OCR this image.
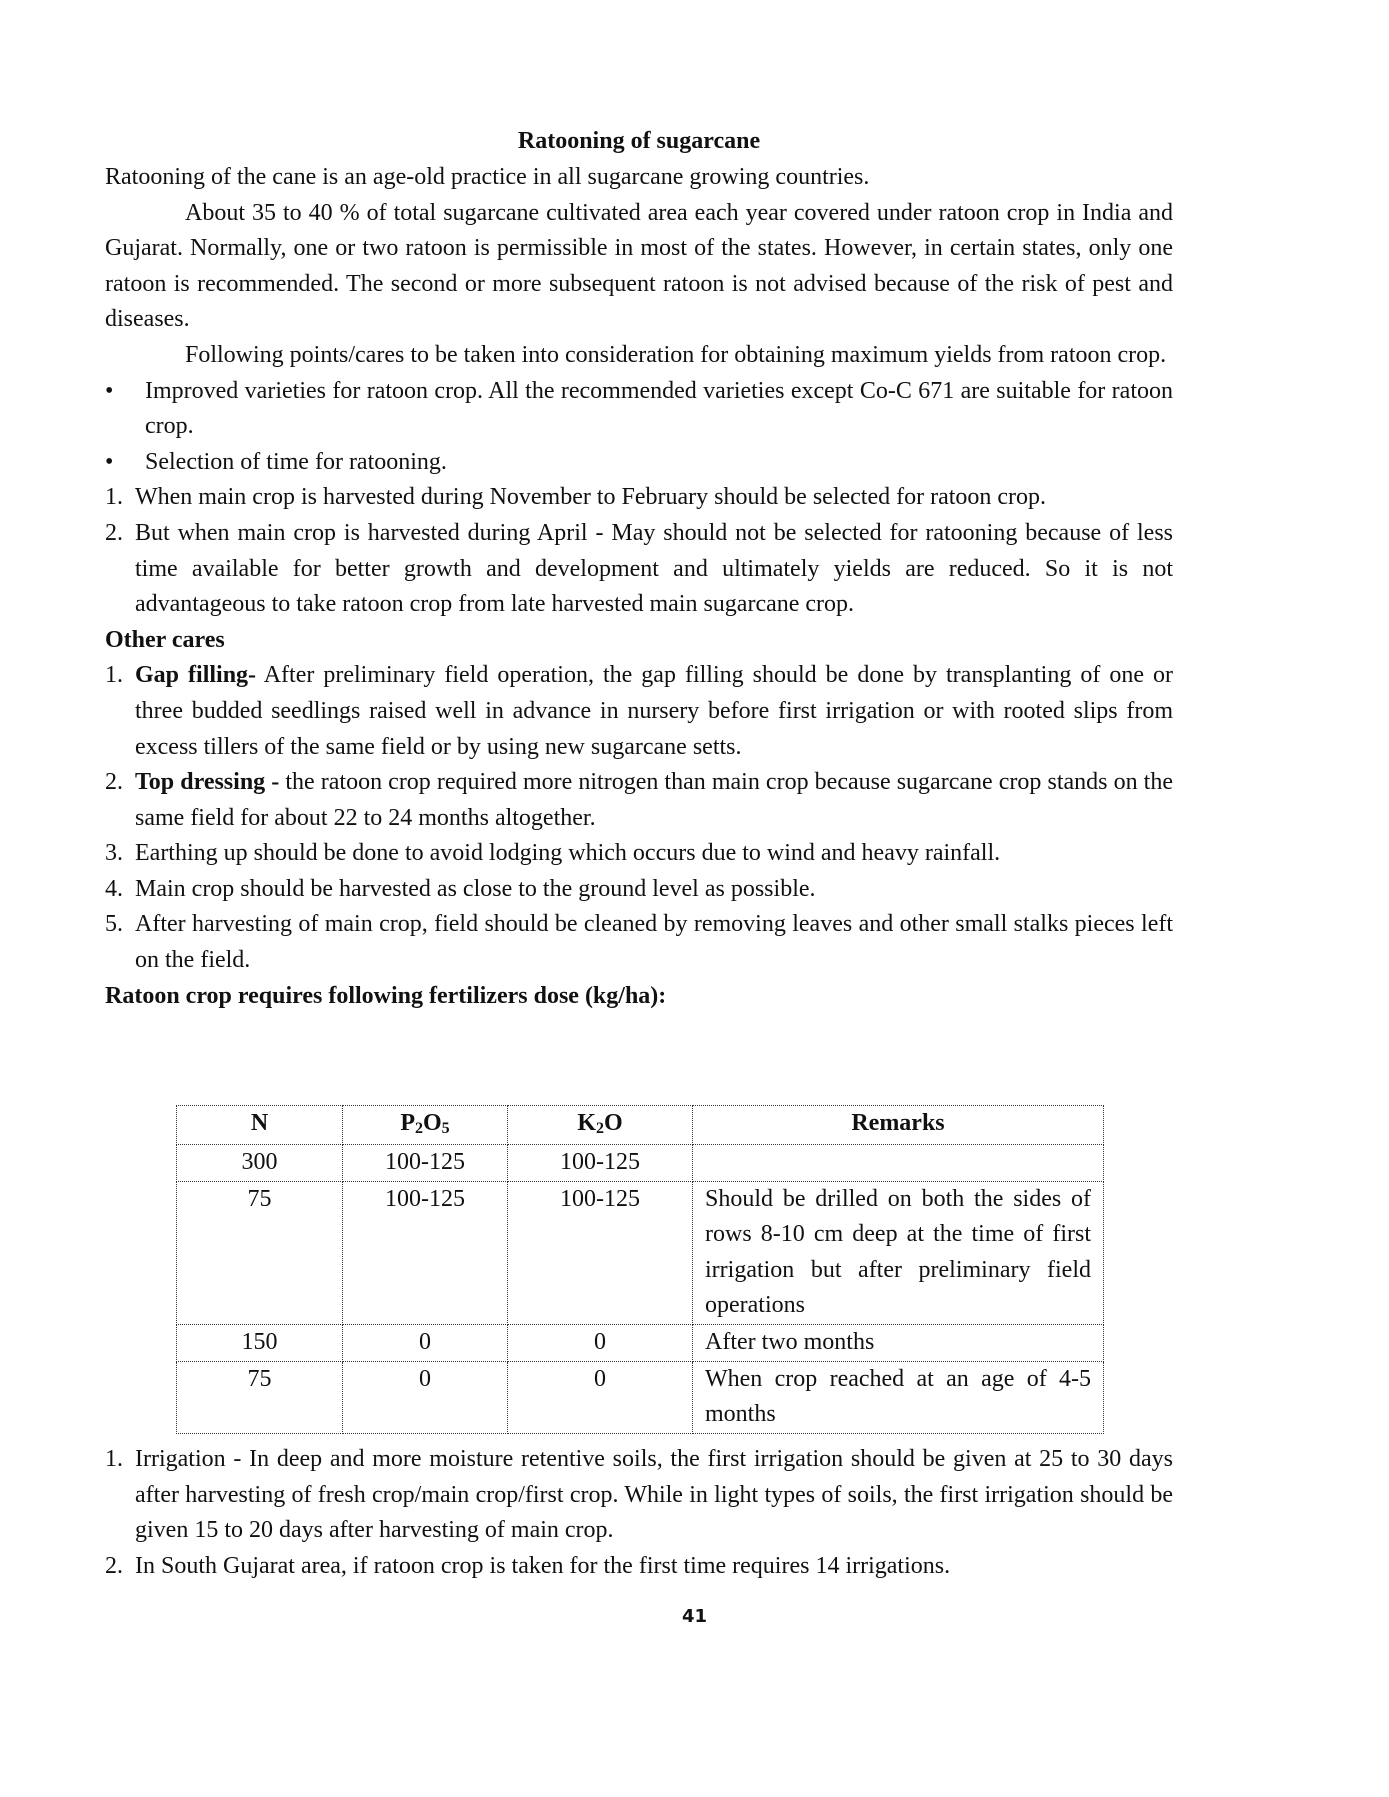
Ratooning of sugarcane

Ratooning of the cane is an age-old practice in all sugarcane growing countries.

About 35 to 40 % of total sugarcane cultivated area each year covered under ratoon crop in India and Gujarat. Normally, one or two ratoon is permissible in most of the states. However, in certain states, only one ratoon is recommended. The second or more subsequent ratoon is not advised because of the risk of pest and diseases.

Following points/cares to be taken into consideration for obtaining maximum yields from ratoon crop.

•	Improved varieties for ratoon crop. All the recommended varieties except Co-C 671 are suitable for ratoon crop.
•	Selection of time for ratooning.
1. When main crop is harvested during November to February should be selected for ratoon crop.
2. But when main crop is harvested during April - May should not be selected for ratooning because of less time available for better growth and development and ultimately yields are reduced. So it is not advantageous to take ratoon crop from late harvested main sugarcane crop.

Other cares

1. Gap filling- After preliminary field operation, the gap filling should be done by transplanting of one or three budded seedlings raised well in advance in nursery before first irrigation or with rooted slips from excess tillers of the same field or by using new sugarcane setts.
2. Top dressing - the ratoon crop required more nitrogen than main crop because sugarcane crop stands on the same field for about 22 to 24 months altogether.
3. Earthing up should be done to avoid lodging which occurs due to wind and heavy rainfall.
4. Main crop should be harvested as close to the ground level as possible.
5. After harvesting of main crop, field should be cleaned by removing leaves and other small stalks pieces left on the field.

Ratoon crop requires following fertilizers dose (kg/ha):

N	$P_2O_5$	$K_2O$	Remarks
300	100-125	100-125	
75	100-125	100-125	Should be drilled on both the sides of rows 8-10 cm deep at the time of first irrigation but after preliminary field operations
150	0	0	After two months
75	0	0	When crop reached at an age of 4-5 months
1. Irrigation - In deep and more moisture retentive soils, the first irrigation should be given at 25 to 30 days after harvesting of fresh crop/main crop/first crop. While in light types of soils, the first irrigation should be given 15 to 20 days after harvesting of main crop.
2. In South Gujarat area, if ratoon crop is taken for the first time requires 14 irrigations.
41
